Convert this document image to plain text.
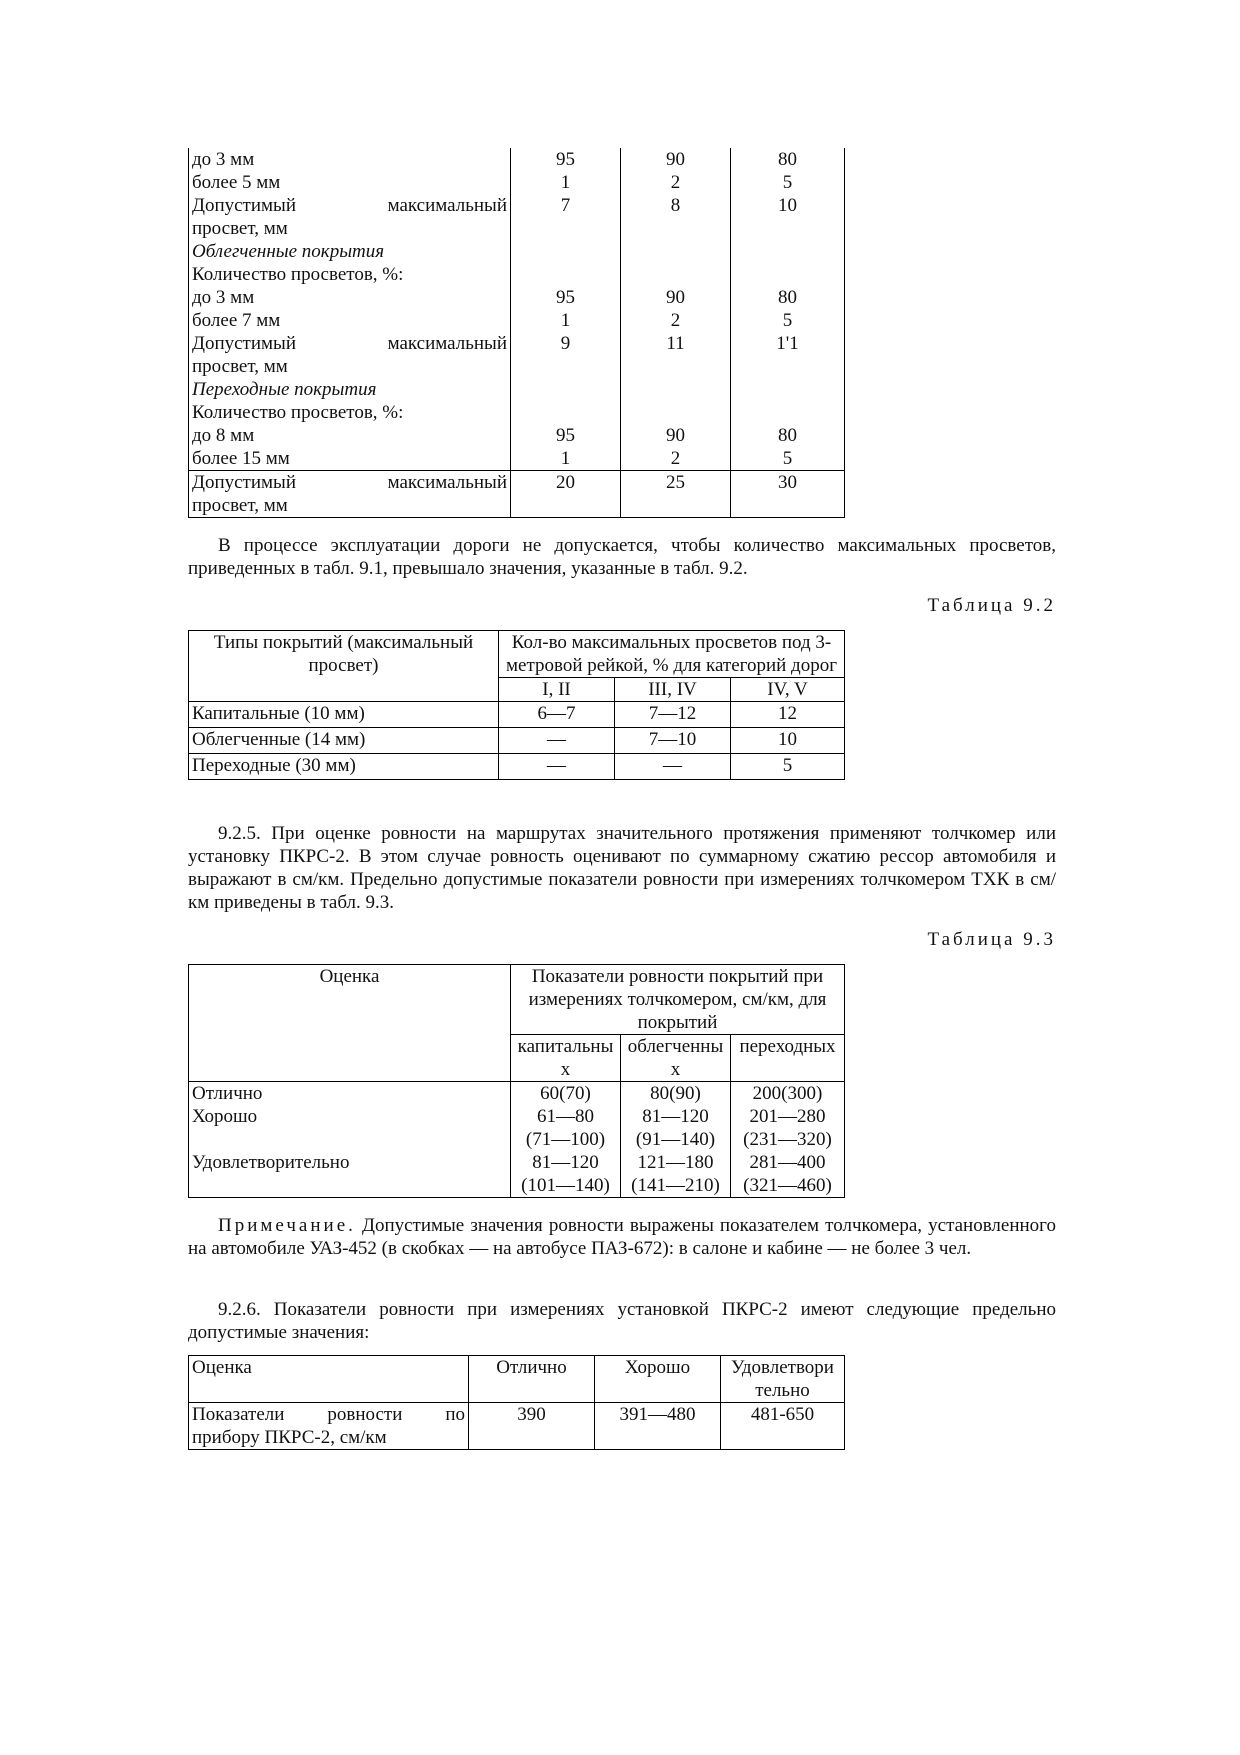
до 3 мм	95	90	80
более 5 мм	1	2	5

Допустимый максимальный
просвет, мм	7	8	10
Облегченные покрытия			
Количество просветов, %:			
до 3 мм	95	90	80
более 7 мм	1	2	5

Допустимый максимальный
просвет, мм	9	11	1'1
Переходные покрытия			
Количество просветов, %:			
до 8 мм	95	90	80
более 15 мм	1	2	5

Допустимый максимальный
просвет, мм	20	25	30

В процессе эксплуатации дороги не допускается, чтобы количество максимальных просветов, приведенных в табл. 9.1, превышало значения, указанные в табл. 9.2.

Таблица 9.2
Типы покрытий (максимальный просвет)	Кол-во максимальных просветов под 3-метровой рейкой, % для категорий дорог		
	I, II	III, IV	IV, V
Капитальные (10 мм)	6—7	7—12	12
Облегченные (14 мм)	—	7—10	10
Переходные (30 мм)	—	—	5

9.2.5. При оценке ровности на маршрутах значительного протяжения применяют толчкомер или установку ПКРС-2. В этом случае ровность оценивают по суммарному сжатию рессор автомобиля и выражают в см/км. Предельно допустимые показатели ровности при измерениях толчкомером ТХК в см/км приведены в табл. 9.3.

Таблица 9.3
Оценка	Показатели ровности покрытий при измерениях толчкомером, см/км, для покрытий		
	капитальны х	облегченны х	переходных
Отлично	60(70)	80(90)	200(300)
Хорошо	61—80	81—120	201—280
	(71—100)	(91—140)	(231—320)
Удовлетворительно	81—120	121—180	281—400
	(101—140)	(141—210)	(321—460)

Примечание. Допустимые значения ровности выражены показателем толчкомера, установленного на автомобиле УАЗ-452 (в скобках — на автобусе ПАЗ-672): в салоне и кабине — не более 3 чел.

9.2.6. Показатели ровности при измерениях установкой ПКРС-2 имеют следующие предельно допустимые значения:

Оценка	Отлично	Хорошо	Удовлетвори тельно

Показатели ровности по
прибору ПКРС-2, см/км	390	391—480	481-650
